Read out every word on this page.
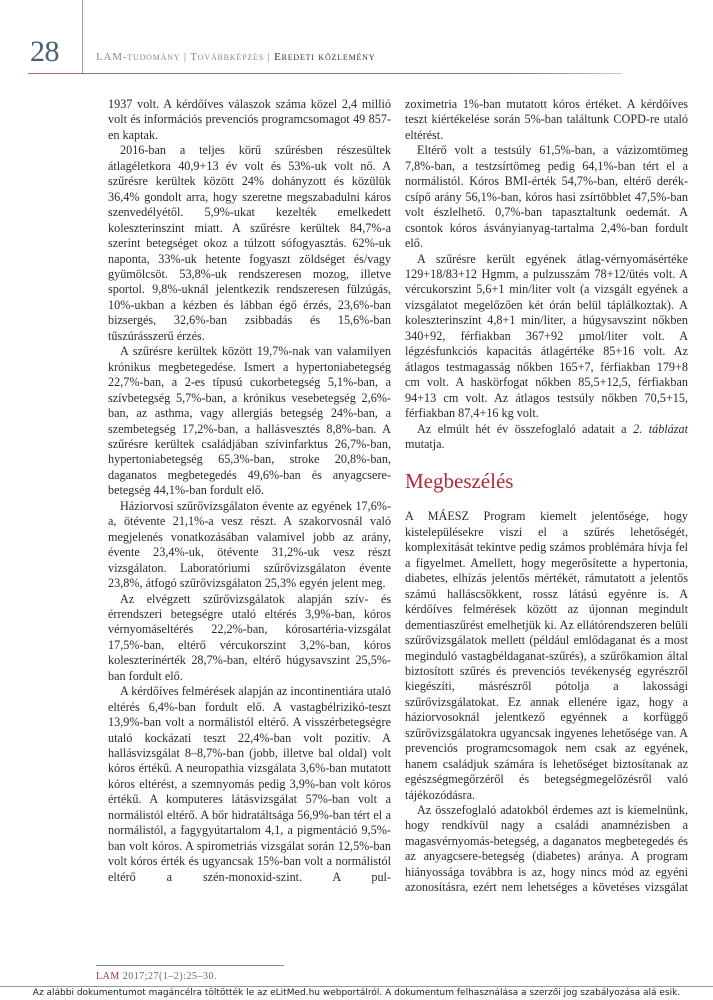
28	LAM-tudomány | Továbbképzés | Eredeti közlemény

1937 volt. A kérdőíves válaszok száma közel 2,4 millió volt és információs prevenciós programcsomagot 49 857-en kaptak.

2016-ban a teljes körű szűrésben részesültek átlagéletkora 40,9+13 év volt és 53%-uk volt nő. A szűrésre kerültek között 24% dohányzott és közülük 36,4% gondolt arra, hogy szeretne megszabadulni káros szenvedélyétől. 5,9%-ukat kezelték emelkedett koleszterinszint miatt. A szűrésre kerültek 84,7%-a szerint betegséget okoz a túlzott sófogyasztás. 62%-uk naponta, 33%-uk hetente fogyaszt zöldséget és/vagy gyümölcsöt. 53,8%-uk rendszeresen mozog, illetve sportol. 9,8%-uknál jelentkezik rendszeresen fülzúgás, 10%-ukban a kézben és lábban égő érzés, 23,6%-ban bizsergés, 32,6%-ban zsibbadás és 15,6%-ban tűszúrásszerű érzés.

A szűrésre kerültek között 19,7%-nak van valamilyen krónikus megbetegedése. Ismert a hypertoniabetegség 22,7%-ban, a 2-es típusú cukorbetegség 5,1%-ban, a szívbetegség 5,7%-ban, a krónikus vesebetegség 2,6%-ban, az asthma, vagy allergiás betegség 24%-ban, a szembetegség 17,2%-ban, a hallásvesztés 8,8%-ban. A szűrésre kerültek családjában szívinfarktus 26,7%-ban, hypertoniabetegség 65,3%-ban, stroke 20,8%-ban, daganatos megbetegedés 49,6%-ban és anyagcsere-betegség 44,1%-ban fordult elő.

Háziorvosi szűrővizsgálaton évente az egyének 17,6%-a, ötévente 21,1%-a vesz részt. A szakorvosnál való megjelenés vonatkozásában valamivel jobb az arány, évente 23,4%-uk, ötévente 31,2%-uk vesz részt vizsgálaton. Laboratóriumi szűrővizsgálaton évente 23,8%, átfogó szűrővizsgálaton 25,3% egyén jelent meg.

Az elvégzett szűrővizsgálatok alapján szív- és érrendszeri betegségre utaló eltérés 3,9%-ban, kóros vérnyomáseltérés 22,2%-ban, kórosartéria-vizsgálat 17,5%-ban, eltérő vércukorszint 3,2%-ban, kóros koleszterinérték 28,7%-ban, eltérő húgysavszint 25,5%-ban fordult elő.

A kérdőíves felmérések alapján az incontinentiára utaló eltérés 6,4%-ban fordult elő. A vastagbélrizikó-teszt 13,9%-ban volt a normálistól eltérő. A visszérbetegségre utaló kockázati teszt 22,4%-ban volt pozitív. A hallásvizsgálat 8–8,7%-ban (jobb, illetve bal oldal) volt kóros értékű. A neuropathia vizsgálata 3,6%-ban mutatott kóros eltérést, a szemnyomás pedig 3,9%-ban volt kóros értékű. A komputeres látásvizsgálat 57%-ban volt a normálistól eltérő. A bőr hidratáltsága 56,9%-ban tért el a normálistól, a fagygyútartalom 4,1, a pigmentáció 9,5%-ban volt kóros. A spirometriás vizsgálat során 12,5%-ban volt kóros érték és ugyancsak 15%-ban volt a normálistól eltérő a szén-monoxid-szint. A pul-

zoximetria 1%-ban mutatott kóros értéket. A kérdőíves teszt kiértékelése során 5%-ban találtunk COPD-re utaló eltérést.

Eltérő volt a testsúly 61,5%-ban, a vázizomtömeg 7,8%-ban, a testzsírtömeg pedig 64,1%-ban tért el a normálistól. Kóros BMI-érték 54,7%-ban, eltérő derék-csípő arány 56,1%-ban, kóros hasi zsírtöbblet 47,5%-ban volt észlelhető. 0,7%-ban tapasztaltunk oedemát. A csontok kóros ásványianyag-tartalma 2,4%-ban fordult elő.

A szűrésre került egyének átlag-vérnyomásértéke 129+18/83+12 Hgmm, a pulzusszám 78+12/ütés volt. A vércukorszint 5,6+1 min/liter volt (a vizsgált egyének a vizsgálatot megelőzően két órán belül táplálkoztak). A koleszterinszint 4,8+1 min/liter, a húgysavszint nőkben 340+92, férfiakban 367+92 µmol/liter volt. A légzésfunkciós kapacitás átlagértéke 85+16 volt. Az átlagos testmagasság nőkben 165+7, férfiakban 179+8 cm volt. A haskörfogat nőkben 85,5+12,5, férfiakban 94+13 cm volt. Az átlagos testsúly nőkben 70,5+15, férfiakban 87,4+16 kg volt.

Az elmúlt hét év összefoglaló adatait a 2. táblázat mutatja.

Megbeszélés

A MÁESZ Program kiemelt jelentősége, hogy kistelepülésekre viszi el a szűrés lehetőségét, komplexitását tekintve pedig számos problémára hívja fel a figyelmet. Amellett, hogy megerősítette a hypertonia, diabetes, elhízás jelentős mértékét, rámutatott a jelentős számú halláscsökkent, rossz látású egyénre is. A kérdőíves felmérések között az újonnan megindult dementiaszűrést emelhetjük ki. Az ellátórendszeren belüli szűrővizsgálatok mellett (például emlődaganat és a most meginduló vastagbéldaganat-szűrés), a szűrőkamion által biztosított szűrés és prevenciós tevékenység egyrészről kiegészíti, másrészről pótolja a lakossági szűrővizsgálatokat. Ez annak ellenére igaz, hogy a háziorvosoknál jelentkező egyénnek a korfüggő szűrővizsgálatokra ugyancsak ingyenes lehetősége van. A prevenciós programcsomagok nem csak az egyének, hanem családjuk számára is lehetőséget biztosítanak az egészségmegőrzéről és betegségmegelőzésről való tájékozódásra.

Az összefoglaló adatokból érdemes azt is kiemelnünk, hogy rendkívül nagy a családi anamnézisben a magasvérnyomás-betegség, a daganatos megbetegedés és az anyagcsere-betegség (diabetes) aránya. A program hiányossága továbbra is az, hogy nincs mód az egyéni azonosításra, ezért nem lehetséges a követéses vizsgálat

LAM 2017;27(1–2):25–30.
Az alábbi dokumentumot magáncélra töltötték le az eLitMed.hu webportálról. A dokumentum felhasználása a szerzői jog szabályozása alá esik.
